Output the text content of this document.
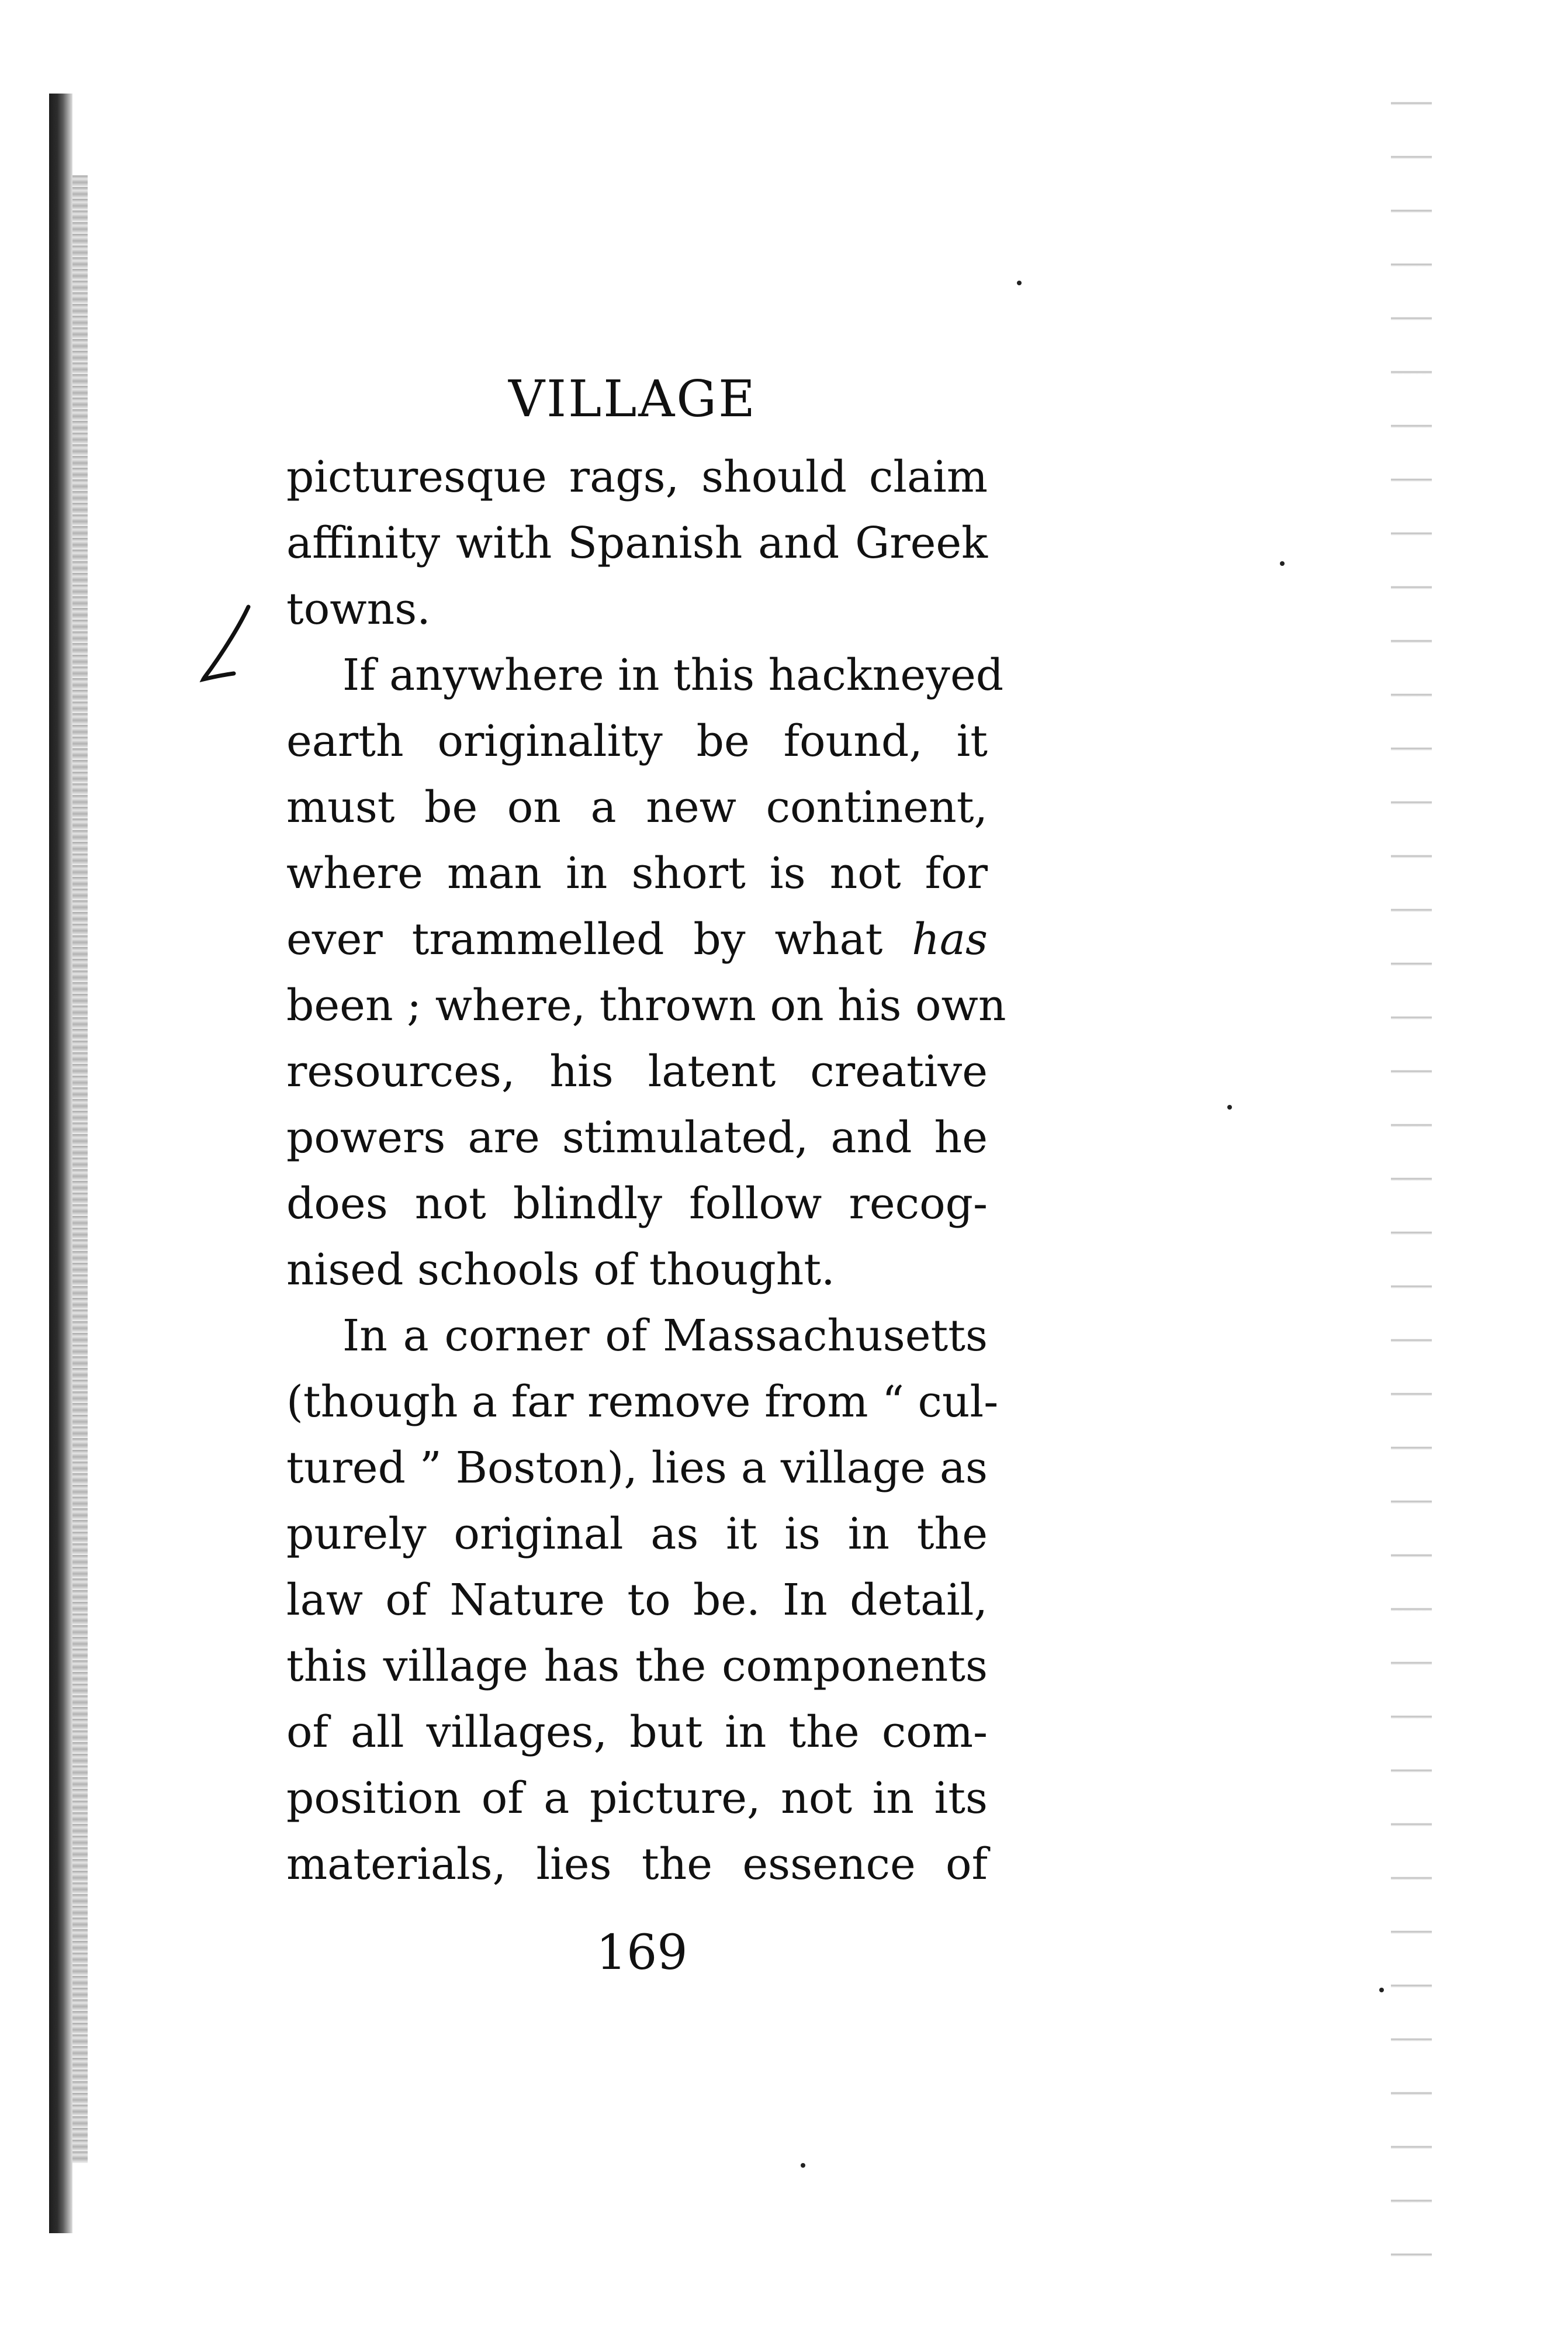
VILLAGE
picturesque rags, should claim
affinity with Spanish and Greek
towns.
If anywhere in this hackneyed
earth originality be found, it
must be on a new continent,
where man in short is not for
ever trammelled by what has
been ; where, thrown on his own
resources, his latent creative
powers are stimulated, and he
does not blindly follow recog-
nised schools of thought.
In a corner of Massachusetts
(though a far remove from “ cul-
tured ” Boston), lies a village as
purely original as it is in the
law of Nature to be. In detail,
this village has the components
of all villages, but in the com-
position of a picture, not in its
materials, lies the essence of
169
